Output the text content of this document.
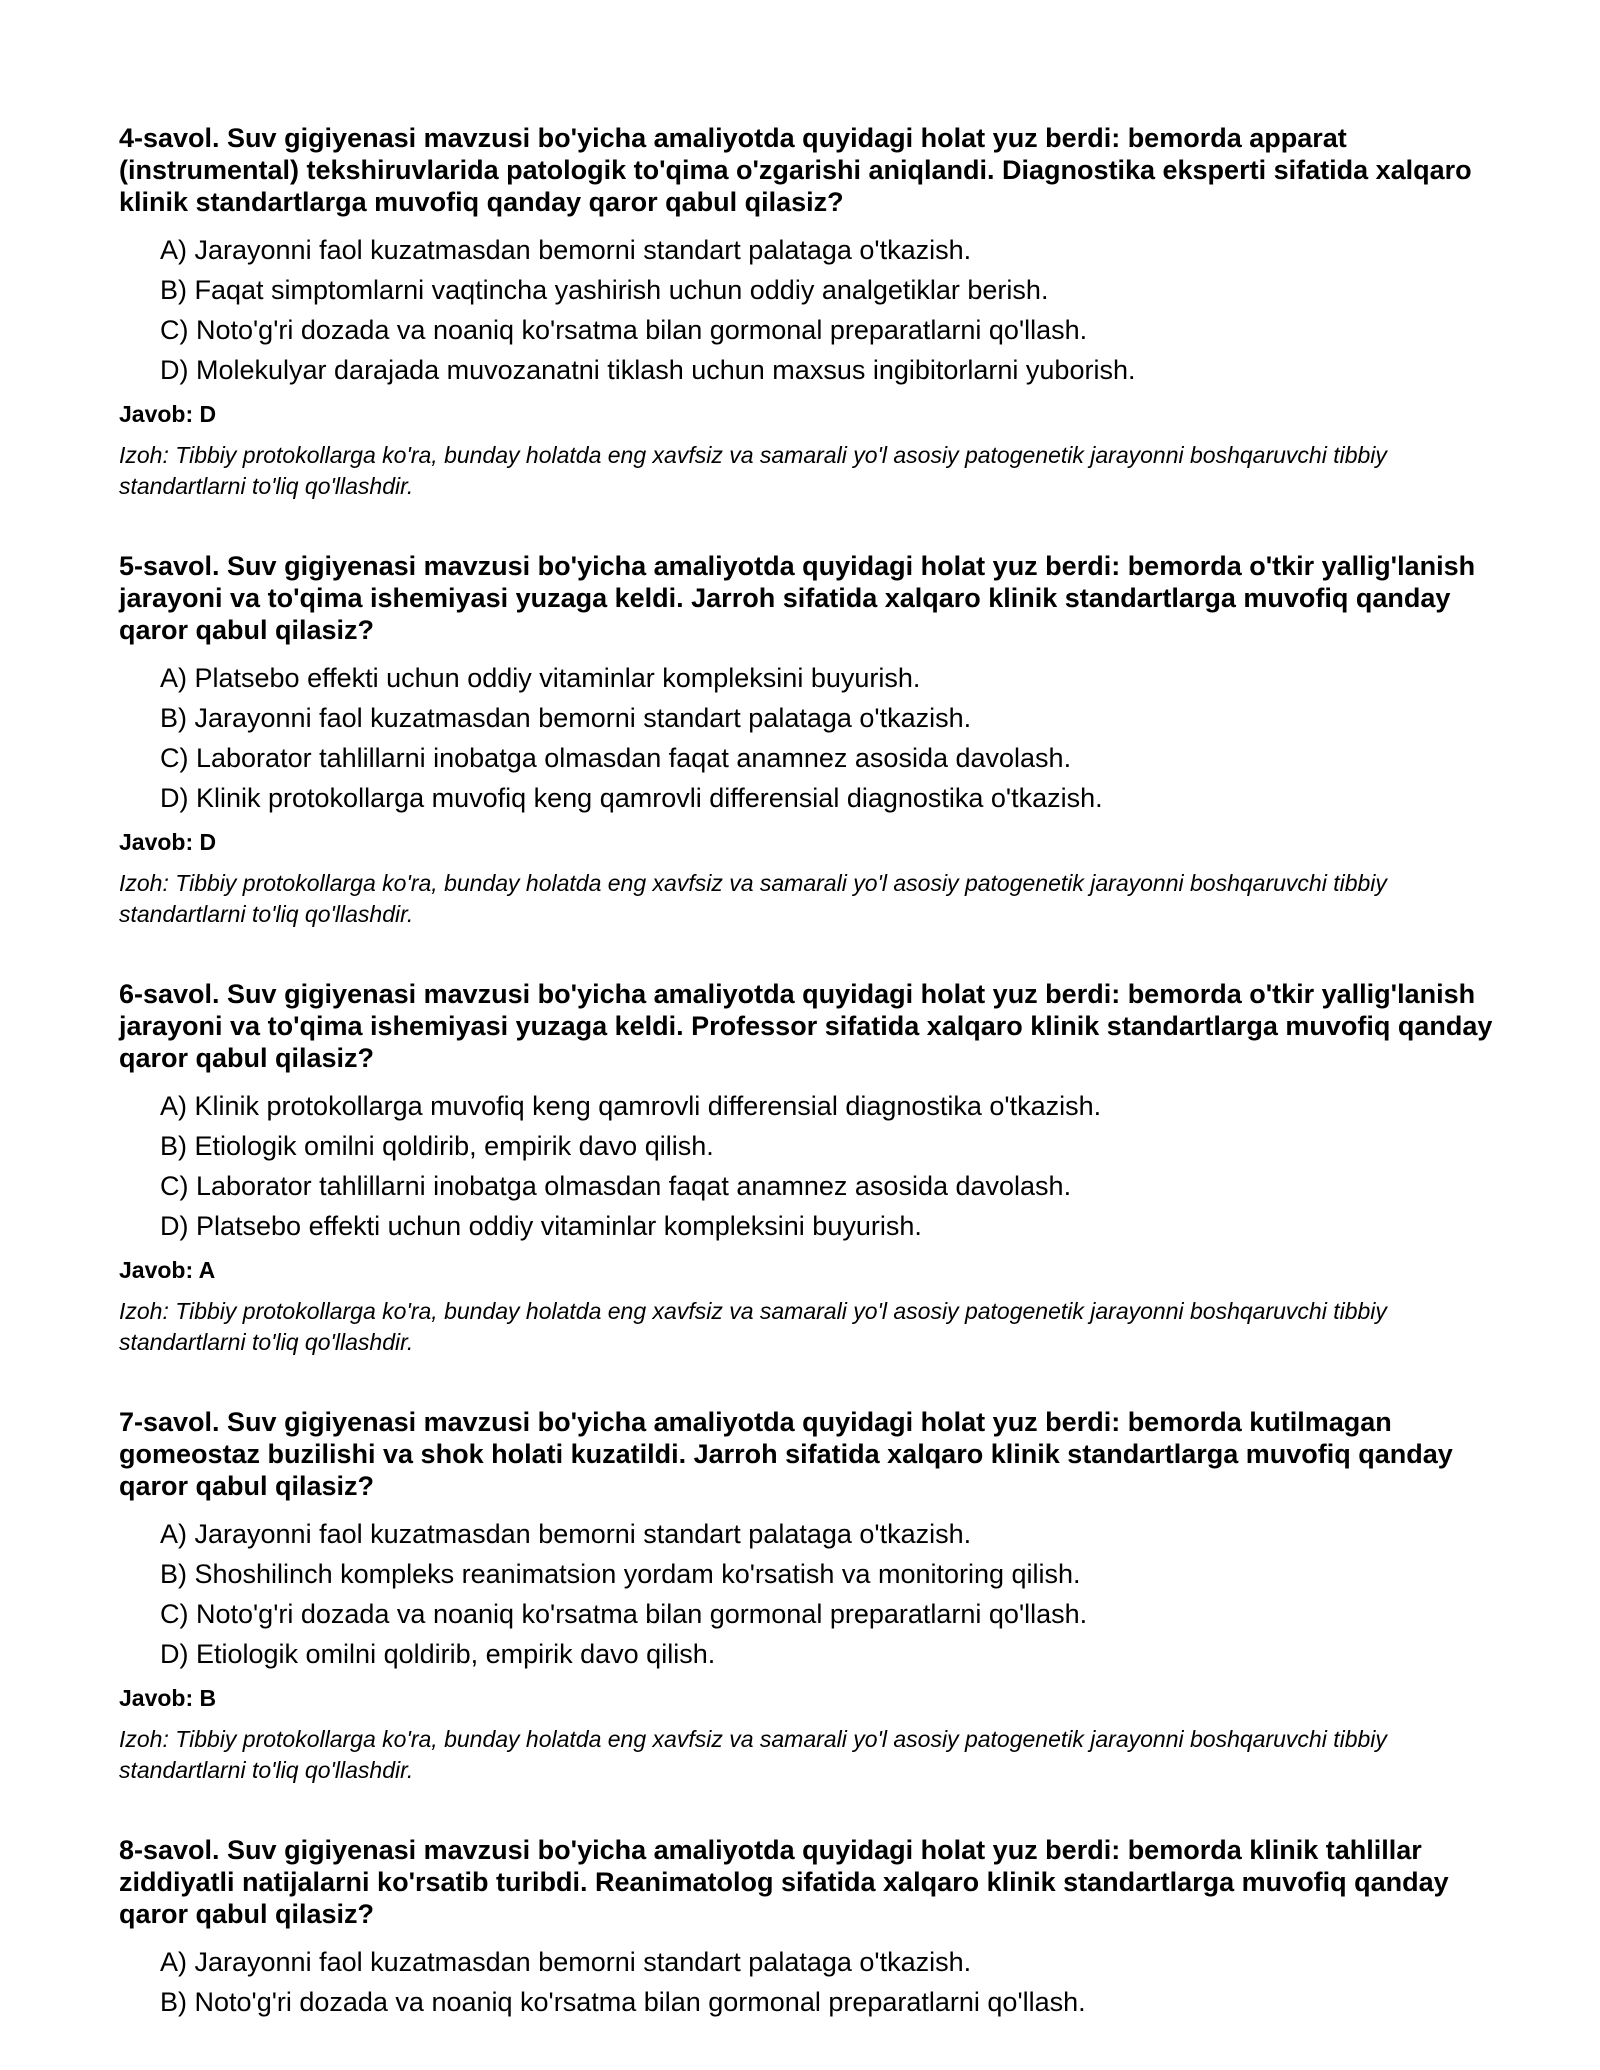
4-savol. Suv gigiyenasi mavzusi bo'yicha amaliyotda quyidagi holat yuz berdi: bemorda apparat (instrumental) tekshiruvlarida patologik to'qima o'zgarishi aniqlandi. Diagnostika eksperti sifatida xalqaro klinik standartlarga muvofiq qanday qaror qabul qilasiz?

A) Jarayonni faol kuzatmasdan bemorni standart palataga o'tkazish.

B) Faqat simptomlarni vaqtincha yashirish uchun oddiy analgetiklar berish.

C) Noto'g'ri dozada va noaniq ko'rsatma bilan gormonal preparatlarni qo'llash.

D) Molekulyar darajada muvozanatni tiklash uchun maxsus ingibitorlarni yuborish.

Javob: D

Izoh: Tibbiy protokollarga ko'ra, bunday holatda eng xavfsiz va samarali yo'l asosiy patogenetik jarayonni boshqaruvchi tibbiy standartlarni to'liq qo'llashdir.

5-savol. Suv gigiyenasi mavzusi bo'yicha amaliyotda quyidagi holat yuz berdi: bemorda o'tkir yallig'lanish jarayoni va to'qima ishemiyasi yuzaga keldi. Jarroh sifatida xalqaro klinik standartlarga muvofiq qanday qaror qabul qilasiz?

A) Platsebo effekti uchun oddiy vitaminlar kompleksini buyurish.

B) Jarayonni faol kuzatmasdan bemorni standart palataga o'tkazish.

C) Laborator tahlillarni inobatga olmasdan faqat anamnez asosida davolash.

D) Klinik protokollarga muvofiq keng qamrovli differensial diagnostika o'tkazish.

Javob: D

Izoh: Tibbiy protokollarga ko'ra, bunday holatda eng xavfsiz va samarali yo'l asosiy patogenetik jarayonni boshqaruvchi tibbiy standartlarni to'liq qo'llashdir.

6-savol. Suv gigiyenasi mavzusi bo'yicha amaliyotda quyidagi holat yuz berdi: bemorda o'tkir yallig'lanish jarayoni va to'qima ishemiyasi yuzaga keldi. Professor sifatida xalqaro klinik standartlarga muvofiq qanday qaror qabul qilasiz?

A) Klinik protokollarga muvofiq keng qamrovli differensial diagnostika o'tkazish.

B) Etiologik omilni qoldirib, empirik davo qilish.

C) Laborator tahlillarni inobatga olmasdan faqat anamnez asosida davolash.

D) Platsebo effekti uchun oddiy vitaminlar kompleksini buyurish.

Javob: A

Izoh: Tibbiy protokollarga ko'ra, bunday holatda eng xavfsiz va samarali yo'l asosiy patogenetik jarayonni boshqaruvchi tibbiy standartlarni to'liq qo'llashdir.

7-savol. Suv gigiyenasi mavzusi bo'yicha amaliyotda quyidagi holat yuz berdi: bemorda kutilmagan gomeostaz buzilishi va shok holati kuzatildi. Jarroh sifatida xalqaro klinik standartlarga muvofiq qanday qaror qabul qilasiz?

A) Jarayonni faol kuzatmasdan bemorni standart palataga o'tkazish.

B) Shoshilinch kompleks reanimatsion yordam ko'rsatish va monitoring qilish.

C) Noto'g'ri dozada va noaniq ko'rsatma bilan gormonal preparatlarni qo'llash.

D) Etiologik omilni qoldirib, empirik davo qilish.

Javob: B

Izoh: Tibbiy protokollarga ko'ra, bunday holatda eng xavfsiz va samarali yo'l asosiy patogenetik jarayonni boshqaruvchi tibbiy standartlarni to'liq qo'llashdir.

8-savol. Suv gigiyenasi mavzusi bo'yicha amaliyotda quyidagi holat yuz berdi: bemorda klinik tahlillar ziddiyatli natijalarni ko'rsatib turibdi. Reanimatolog sifatida xalqaro klinik standartlarga muvofiq qanday qaror qabul qilasiz?

A) Jarayonni faol kuzatmasdan bemorni standart palataga o'tkazish.

B) Noto'g'ri dozada va noaniq ko'rsatma bilan gormonal preparatlarni qo'llash.
